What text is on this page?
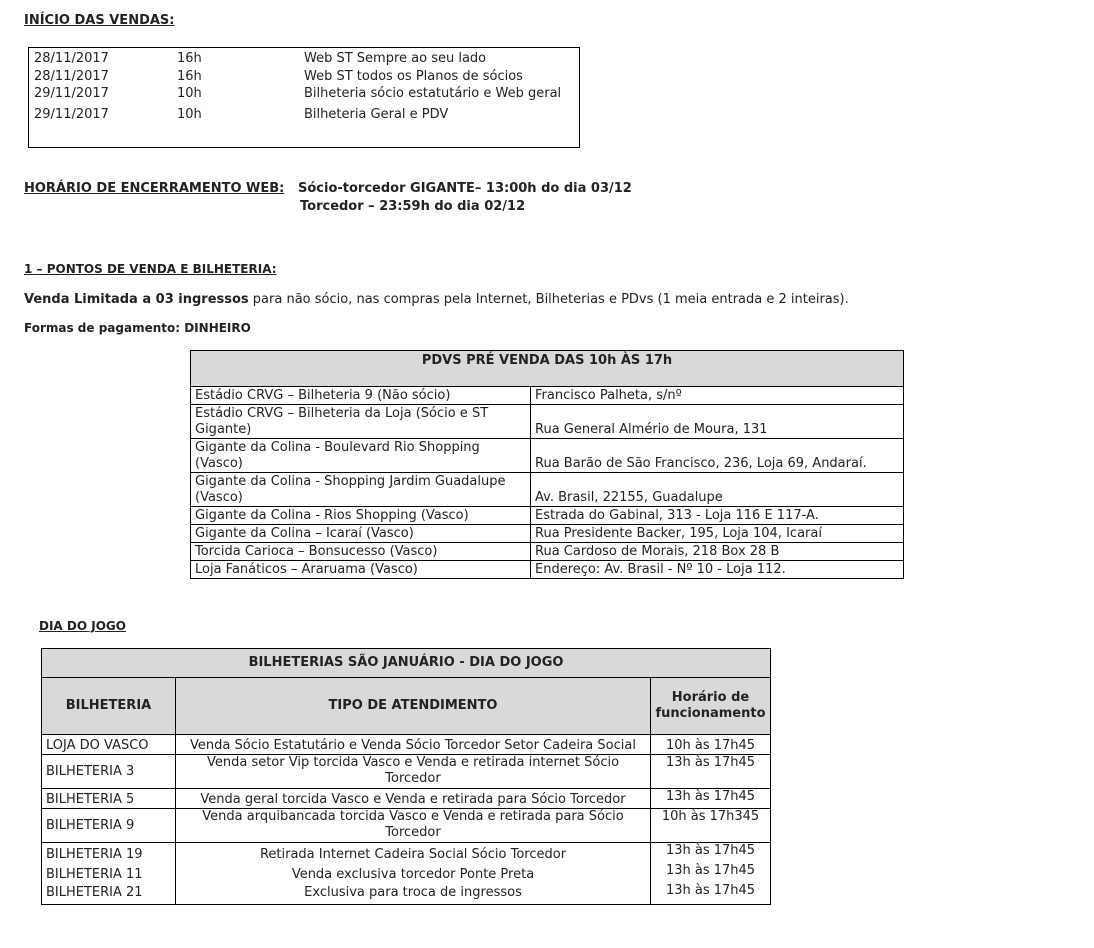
INÍCIO DAS VENDAS:
28/11/2017	16h	Web ST Sempre ao seu lado
28/11/2017	16h	Web ST todos os Planos de sócios
29/11/2017	10h	Bilheteria sócio estatutário e Web geral
29/11/2017	10h	Bilheteria Geral e PDV
HORÁRIO DE ENCERRAMENTO WEB: Sócio-torcedor GIGANTE– 13:00h do dia 03/12
Torcedor – 23:59h do dia 02/12
1 – PONTOS DE VENDA E BILHETERIA:
Venda Limitada a 03 ingressos para não sócio, nas compras pela Internet, Bilheterias e PDvs (1 meia entrada e 2 inteiras).
Formas de pagamento: DINHEIRO
PDVS PRÉ VENDA DAS 10h ÀS 17h	
Estádio CRVG – Bilheteria 9 (Não sócio)	Francisco Palheta, s/nº
Estádio CRVG – Bilheteria da Loja (Sócio e ST Gigante)	Rua General Almério de Moura, 131
Gigante da Colina - Boulevard Rio Shopping (Vasco)	Rua Barão de São Francisco, 236, Loja 69, Andaraí.
Gigante da Colina - Shopping Jardim Guadalupe (Vasco)	Av. Brasil, 22155, Guadalupe
Gigante da Colina - Rios Shopping (Vasco)	Estrada do Gabinal, 313 - Loja 116 E 117-A.
Gigante da Colina – Icaraí (Vasco)	Rua Presidente Backer, 195, Loja 104, Icaraí
Torcida Carioca – Bonsucesso (Vasco)	Rua Cardoso de Morais, 218 Box 28 B
Loja Fanáticos – Araruama (Vasco)	Endereço: Av. Brasil - Nº 10 - Loja 112.
DIA DO JOGO
BILHETERIAS SÃO JANUÁRIO - DIA DO JOGO		
BILHETERIA	TIPO DE ATENDIMENTO	Horário de funcionamento
LOJA DO VASCO	Venda Sócio Estatutário e Venda Sócio Torcedor Setor Cadeira Social	10h às 17h45
BILHETERIA 3	Venda setor Vip torcida Vasco e Venda e retirada internet Sócio Torcedor	13h às 17h45
BILHETERIA 5	Venda geral torcida Vasco e Venda e retirada para Sócio Torcedor	13h às 17h45
BILHETERIA 9	Venda arquibancada torcida Vasco e Venda e retirada para Sócio Torcedor	10h às 17h345
BILHETERIA 19	Retirada Internet Cadeira Social Sócio Torcedor	13h às 17h45
BILHETERIA 11	Venda exclusiva torcedor Ponte Preta	13h às 17h45
BILHETERIA 21	Exclusiva para troca de ingressos	13h às 17h45
